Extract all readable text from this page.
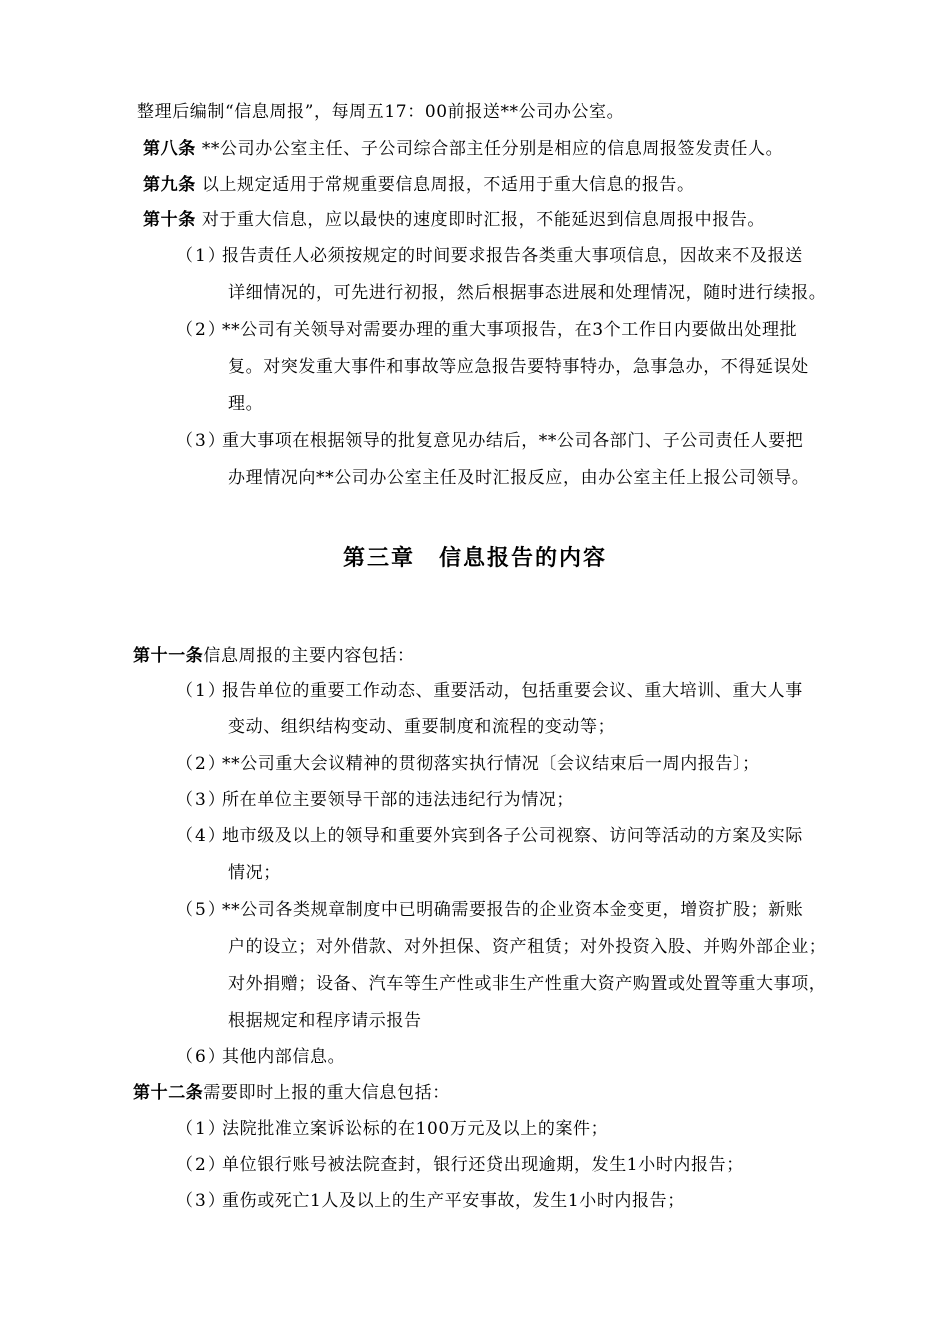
整理后编制“信息周报”，每周五17：00前报送**公司办公室。
第八条 **公司办公室主任、子公司综合部主任分别是相应的信息周报签发责任人。
第九条 以上规定适用于常规重要信息周报，不适用于重大信息的报告。
第十条 对于重大信息，应以最快的速度即时汇报，不能延迟到信息周报中报告。
（1）报告责任人必须按规定的时间要求报告各类重大事项信息，因故来不及报送
详细情况的，可先进行初报，然后根据事态进展和处理情况，随时进行续报。
（2）**公司有关领导对需要办理的重大事项报告，在3个工作日内要做出处理批
复。对突发重大事件和事故等应急报告要特事特办，急事急办，不得延误处
理。
（3）重大事项在根据领导的批复意见办结后，**公司各部门、子公司责任人要把
办理情况向**公司办公室主任及时汇报反应，由办公室主任上报公司领导。
第三章　信息报告的内容
第十一条信息周报的主要内容包括：
（1）报告单位的重要工作动态、重要活动，包括重要会议、重大培训、重大人事
变动、组织结构变动、重要制度和流程的变动等；
（2）**公司重大会议精神的贯彻落实执行情况〔会议结束后一周内报告〕；
（3）所在单位主要领导干部的违法违纪行为情况；
（4）地市级及以上的领导和重要外宾到各子公司视察、访问等活动的方案及实际
情况；
（5）**公司各类规章制度中已明确需要报告的企业资本金变更，增资扩股；新账
户的设立；对外借款、对外担保、资产租赁；对外投资入股、并购外部企业；
对外捐赠；设备、汽车等生产性或非生产性重大资产购置或处置等重大事项，
根据规定和程序请示报告
（6）其他内部信息。
第十二条需要即时上报的重大信息包括：
（1）法院批准立案诉讼标的在100万元及以上的案件；
（2）单位银行账号被法院查封，银行还贷出现逾期，发生1小时内报告；
（3）重伤或死亡1人及以上的生产平安事故，发生1小时内报告；
